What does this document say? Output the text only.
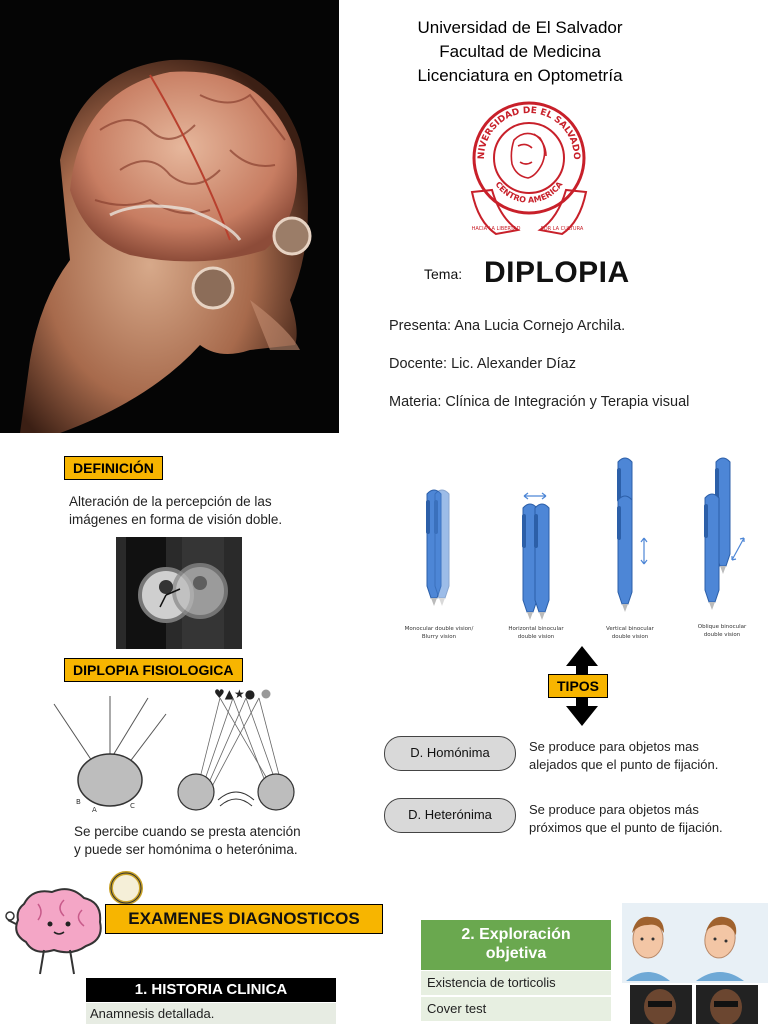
Universidad de El Salvador
Facultad de Medicina
Licenciatura en Optometría
NIVERSIDAD DE EL SALVADO
CENTRO AMERICA
HACIA LA LIBERTAD	POR LA CULTURA
Tema: DIPLOPIA
Presenta: Ana Lucia Cornejo Archila.
Docente: Lic. Alexander Díaz
Materia: Clínica de Integración y Terapia visual
DEFINICIÓN
Alteración de la percepción de las
imágenes en forma de visión doble.
Monocular double vision/
Blurry vision
Horizontal binocular
double vision
Vertical binocular
double vision
Oblique binocular
double vision
DIPLOPIA FISIOLOGICA
B
A	C
♥▲★●
Se percibe cuando se presta atención
y puede ser homónima o heterónima.
TIPOS
D. Homónima	Se produce para objetos mas
alejados que el punto de fijación.
D. Heterónima	Se produce para objetos más
próximos que el punto de fijación.
EXAMENES DIAGNOSTICOS
1. HISTORIA CLINICA
Anamnesis detallada.
2. Exploración
objetiva
Existencia de torticolis
Cover test
